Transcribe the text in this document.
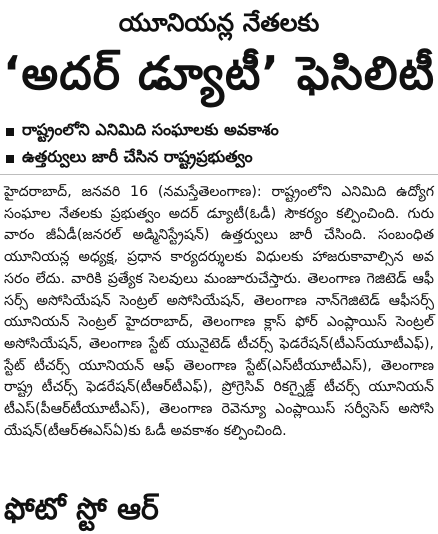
యూనియన్ల నేతలకు
‘అదర్ డ్యూటీ’ ఫెసిలిటీ
రాష్ట్రంలోని ఎనిమిది సంఘాలకు అవకాశం
ఉత్తర్వులు జారీ చేసిన రాష్ట్రప్రభుత్వం
హైదరాబాద్, జనవరి 16 (నమస్తేతెలంగాణ): రాష్ట్రంలోని ఎనిమిది ఉద్యోగ సంఘాల నేతలకు ప్రభుత్వం అదర్ డ్యూటీ(ఓడీ) సౌకర్యం కల్పించింది. గురు వారం జీఏడీ(జనరల్ అడ్మినిస్ట్రేషన్) ఉత్తర్వులు జారీ చేసింది. సంబంధిత యూనియన్ల అధ్యక్ష, ప్రధాన కార్యదర్శులకు విధులకు హాజరుకావాల్సిన అవ సరం లేదు. వారికి ప్రత్యేక సెలవులు మంజూరుచేస్తారు. తెలంగాణ గెజిటెడ్ ఆఫీ సర్స్ అసోసియేషన్ సెంట్రల్ అసోసియేషన్, తెలంగాణ నాన్‌గెజిటెడ్ ఆఫీసర్స్ యూనియన్ సెంట్రల్ హైదరాబాద్, తెలంగాణ క్లాస్ ఫోర్ ఎంప్లాయిస్ సెంట్రల్ అసోసియేషన్, తెలంగాణ స్టేట్ యునైటెడ్ టీచర్స్ ఫెడరేషన్(టీఎస్‌యూటీఎఫ్), స్టేట్ టీచర్స్ యూనియన్ ఆఫ్ తెలంగాణ స్టేట్(ఎస్‌టీయూటీఎస్), తెలంగాణ రాష్ట్ర టీచర్స్ ఫెడరేషన్(టీఆర్‌టీఎఫ్), ప్రోగ్రెసివ్ రికగ్నైజ్డ్ టీచర్స్ యూనియన్ టీఎస్(పీఆర్‌టీయూటీఎస్), తెలంగాణ రెవెన్యూ ఎంప్లాయిస్ సర్వీసెస్ అసోసి యేషన్(టీఆర్ఈఎస్ఏ)కు ఓడీ అవకాశం కల్పించింది.
ఫోటో స్టో ఆర్
